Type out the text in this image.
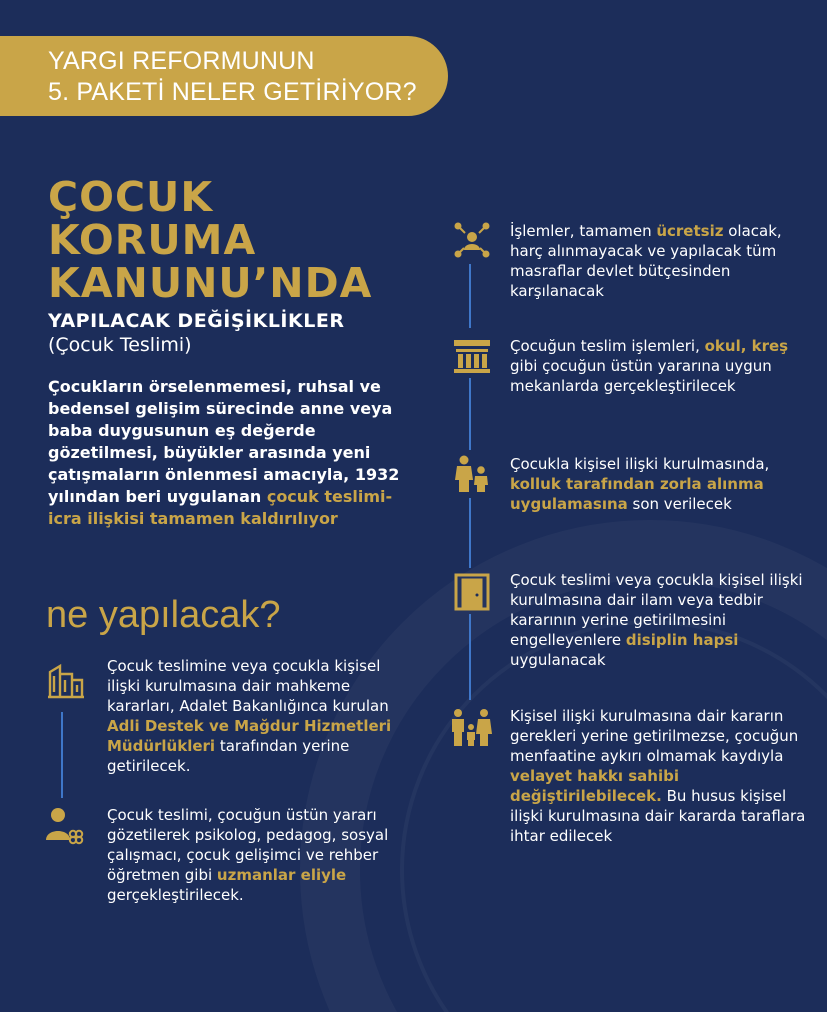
YARGI REFORMUNUN
5. PAKETİ NELER GETİRİYOR?
ÇOCUK
KORUMA
KANUNU’NDA
YAPILACAK DEĞİŞİKLİKLER
(Çocuk Teslimi)
Çocukların örselenmemesi, ruhsal ve bedensel gelişim sürecinde anne veya baba duygusunun eş değerde gözetilmesi, büyükler arasında yeni çatışmaların önlenmesi amacıyla, 1932 yılından beri uygulanan çocuk teslimi-icra ilişkisi tamamen kaldırılıyor
ne yapılacak?
Çocuk teslimine veya çocukla kişisel ilişki kurulmasına dair mahkeme kararları, Adalet Bakanlığınca kurulan Adli Destek ve Mağdur Hizmetleri Müdürlükleri tarafından yerine getirilecek.
Çocuk teslimi, çocuğun üstün yararı gözetilerek psikolog, pedagog, sosyal çalışmacı, çocuk gelişimci ve rehber öğretmen gibi uzmanlar eliyle gerçekleştirilecek.
İşlemler, tamamen ücretsiz olacak, harç alınmayacak ve yapılacak tüm masraflar devlet bütçesinden karşılanacak
Çocuğun teslim işlemleri, okul, kreş gibi çocuğun üstün yararına uygun mekanlarda gerçekleştirilecek
Çocukla kişisel ilişki kurulmasında, kolluk tarafından zorla alınma uygulamasına son verilecek
Çocuk teslimi veya çocukla kişisel ilişki kurulmasına dair ilam veya tedbir kararının yerine getirilmesini engelleyenlere disiplin hapsi uygulanacak
Kişisel ilişki kurulmasına dair kararın gerekleri yerine getirilmezse, çocuğun menfaatine aykırı olmamak kaydıyla velayet hakkı sahibi değiştirilebilecek. Bu husus kişisel ilişki kurulmasına dair kararda taraflara ihtar edilecek
